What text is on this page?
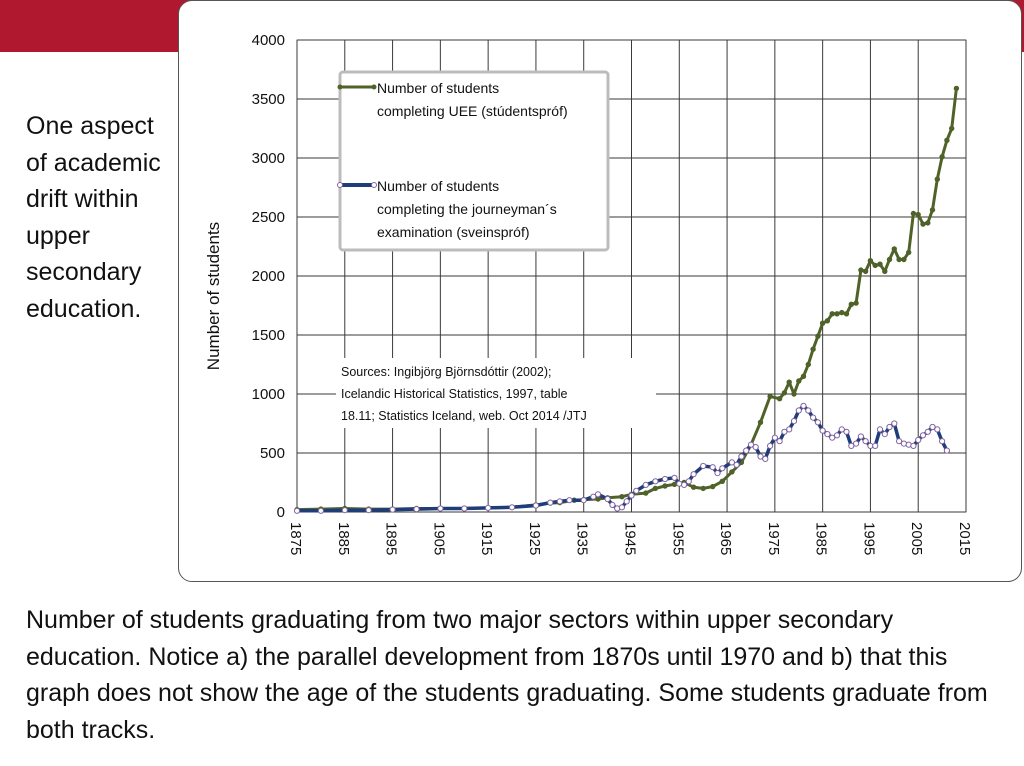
One aspect of academic drift within upper secondary education.	Number of students
0
500
1000
1500
2000
2500
3000
3500
4000
1875 1885 1895 1905 1915 1925 1935 1945 1955 1965 1975 1985 1995 2005 2015
Number of students
completing UEE (stúdentspróf)
Number of students
completing the journeyman´s
examination (sveinspróf)
Sources: Ingibjörg Björnsdóttir (2002);
Icelandic Historical Statistics, 1997, table
18.11; Statistics Iceland, web. Oct 2014 /JTJ
Number of students graduating from two major sectors within upper secondary education. Notice a) the parallel development from 1870s until 1970 and b) that this graph does not show the age of the students graduating. Some students graduate from both tracks.
